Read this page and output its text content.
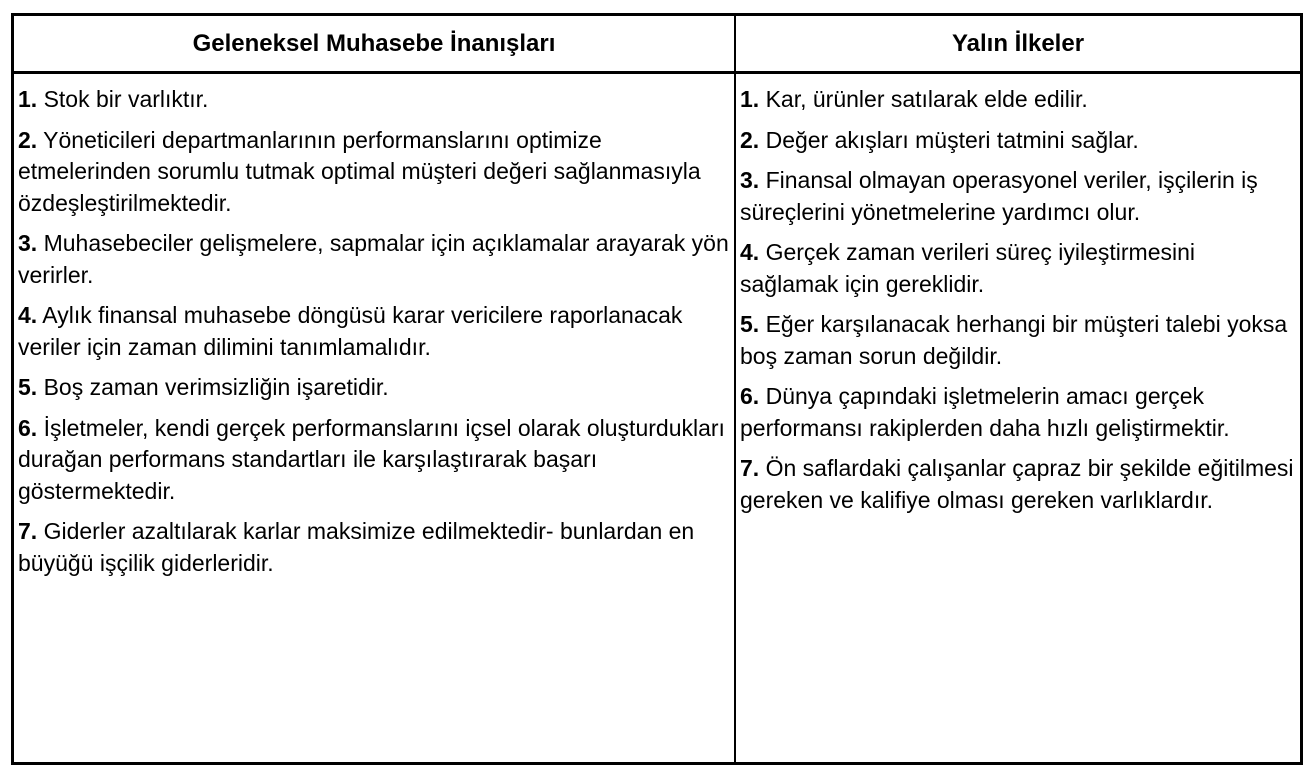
Geleneksel Muhasebe İnanışları	Yalın İlkeler

1. Stok bir varlıktır.

2. Yöneticileri departmanlarının performanslarını optimize etmelerinden sorumlu tutmak optimal müşteri değeri sağlanmasıyla özdeşleştirilmektedir.

3. Muhasebeciler gelişmelere, sapmalar için açıklamalar arayarak yön verirler.

4. Aylık finansal muhasebe döngüsü karar vericilere raporlanacak veriler için zaman dilimini tanımlamalıdır.

5. Boş zaman verimsizliğin işaretidir.

6. İşletmeler, kendi gerçek performanslarını içsel olarak oluşturdukları durağan performans standartları ile karşılaştırarak başarı göstermektedir.

7. Giderler azaltılarak karlar maksimize edilmektedir- bunlardan en büyüğü işçilik giderleridir.

1. Kar, ürünler satılarak elde edilir.

2. Değer akışları müşteri tatmini sağlar.

3. Finansal olmayan operasyonel veriler, işçilerin iş süreçlerini yönetmelerine yardımcı olur.

4. Gerçek zaman verileri süreç iyileştirmesini sağlamak için gereklidir.

5. Eğer karşılanacak herhangi bir müşteri talebi yoksa boş zaman sorun değildir.

6. Dünya çapındaki işletmelerin amacı gerçek performansı rakiplerden daha hızlı geliştirmektir.

7. Ön saflardaki çalışanlar çapraz bir şekilde eğitilmesi gereken ve kalifiye olması gereken varlıklardır.
